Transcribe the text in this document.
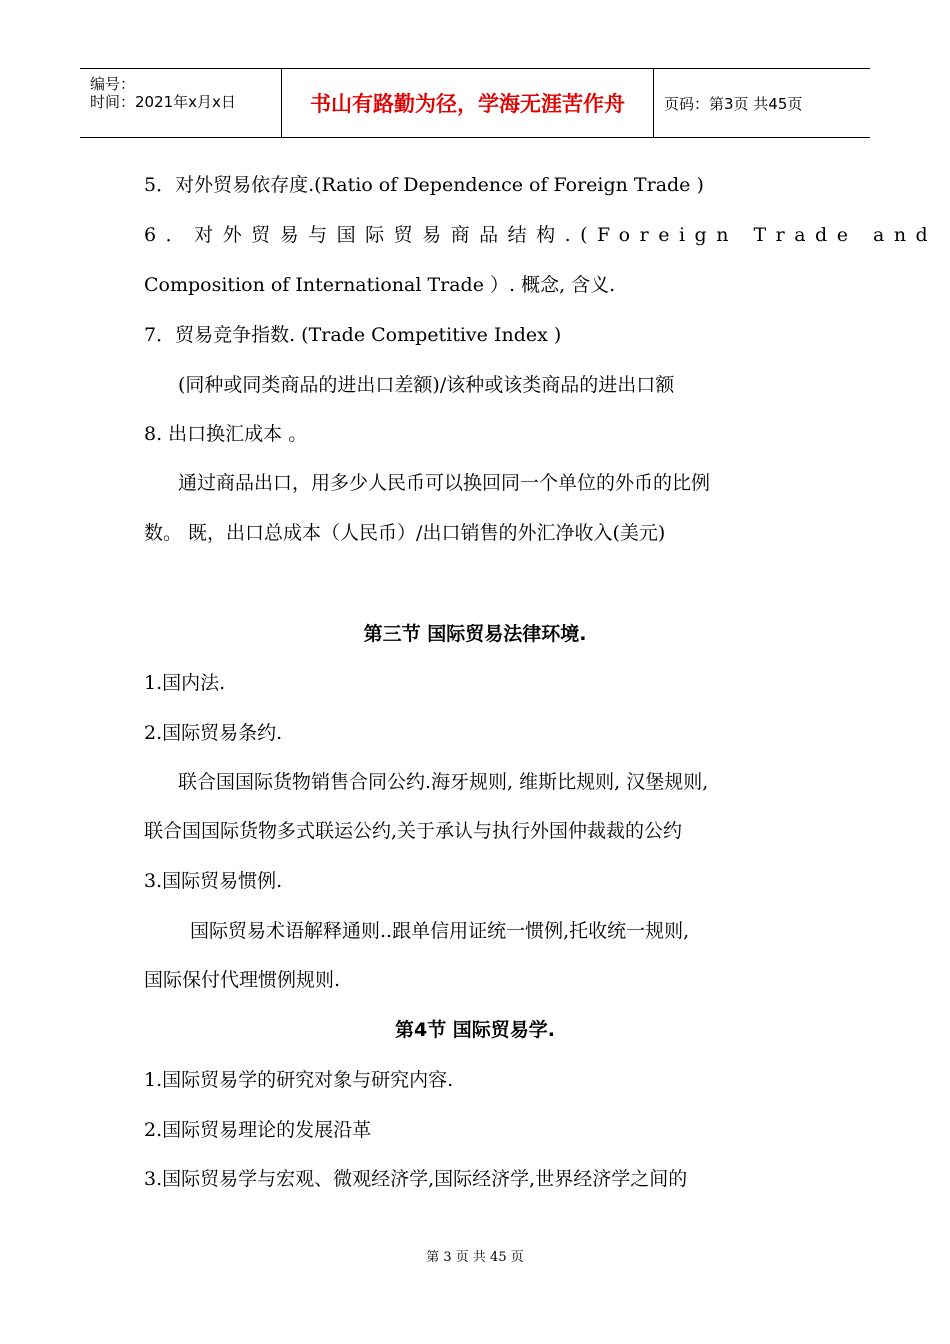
编号：
时间：2021年x月x日	书山有路勤为径，学海无涯苦作舟	页码：第3页 共45页
5．对外贸易依存度.(Ratio of Dependence of Foreign Trade )
6．对外贸易与国际贸易商品结构.(Foreign Trade and
Composition of International Trade ）. 概念, 含义.
7．贸易竞争指数. (Trade Competitive Index )
(同种或同类商品的进出口差额)/该种或该类商品的进出口额
8. 出口换汇成本 。
通过商品出口，用多少人民币可以换回同一个单位的外币的比例
数。 既，出口总成本（人民币）/出口销售的外汇净收入(美元)
第三节 国际贸易法律环境.
1.国内法.
2.国际贸易条约.
联合国国际货物销售合同公约.海牙规则, 维斯比规则, 汉堡规则,
联合国国际货物多式联运公约,关于承认与执行外国仲裁裁的公约
3.国际贸易惯例.
国际贸易术语解释通则..跟单信用证统一惯例,托收统一规则,
国际保付代理惯例规则.
第4节 国际贸易学.
1.国际贸易学的研究对象与研究内容.
2.国际贸易理论的发展沿革
3.国际贸易学与宏观、微观经济学,国际经济学,世界经济学之间的
第 3 页 共 45 页
